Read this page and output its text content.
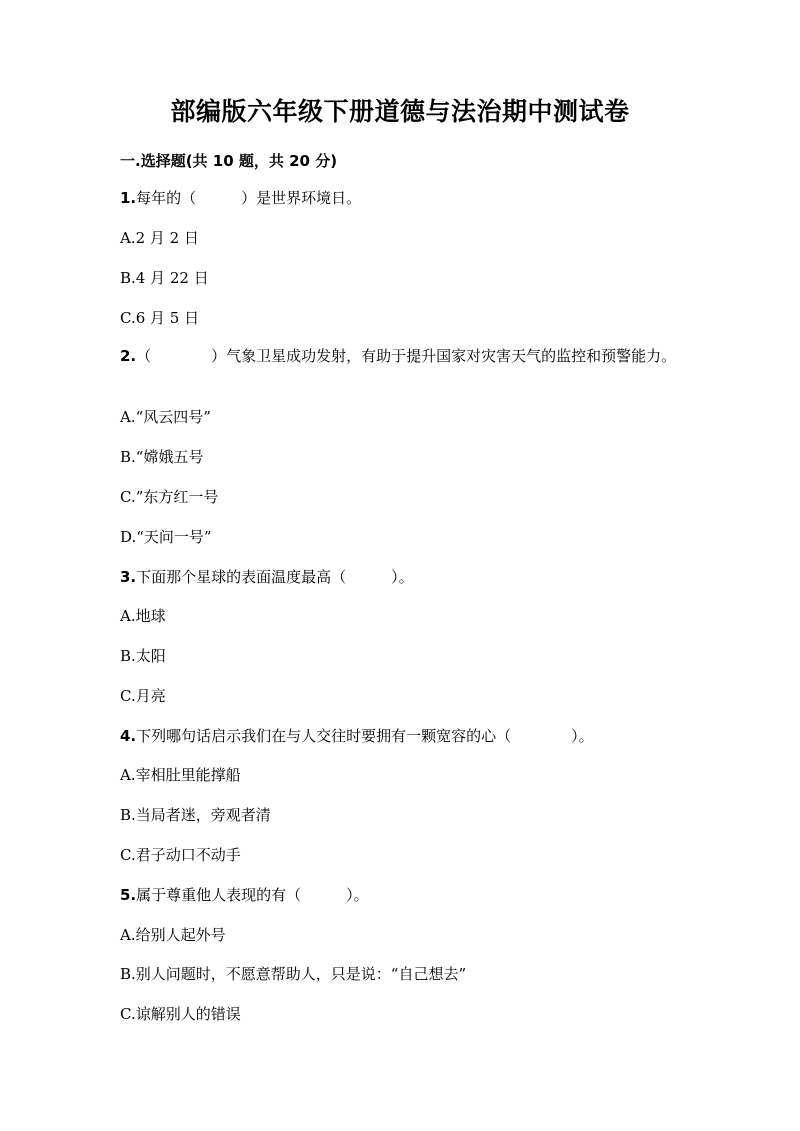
部编版六年级下册道德与法治期中测试卷
一.选择题(共 10 题，共 20 分)
1.每年的（　　　）是世界环境日。
A.2 月 2 日
B.4 月 22 日
C.6 月 5 日
2.（　　　　）气象卫星成功发射，有助于提升国家对灾害天气的监控和预警能力。
A.“风云四号”
B.“嫦娥五号
C.”东方红一号
D.“天问一号”
3.下面那个星球的表面温度最高（　　　）。
A.地球
B.太阳
C.月亮
4.下列哪句话启示我们在与人交往时要拥有一颗宽容的心（　　　　）。
A.宰相肚里能撑船
B.当局者迷，旁观者清
C.君子动口不动手
5.属于尊重他人表现的有（　　　）。
A.给别人起外号
B.别人问题时，不愿意帮助人，只是说：“自己想去”
C.谅解别人的错误
